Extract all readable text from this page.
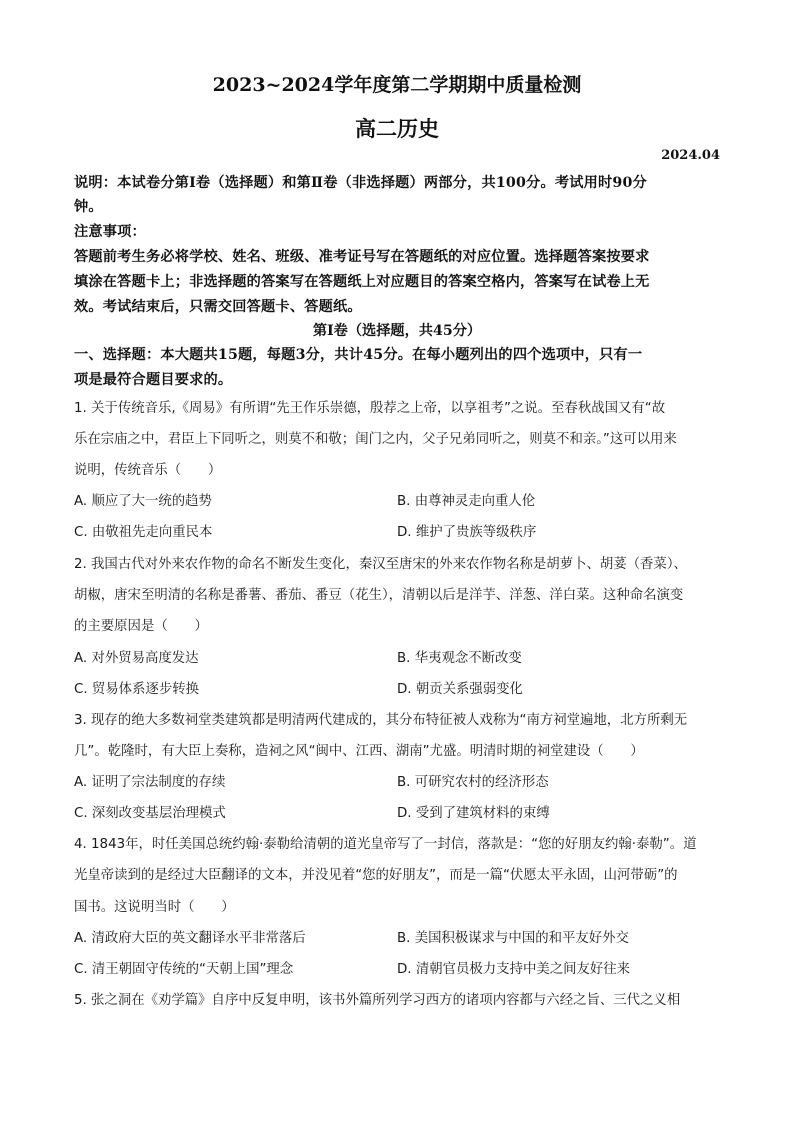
2023~2024学年度第二学期期中质量检测
高二历史
2024.04
说明：本试卷分第Ⅰ卷（选择题）和第Ⅱ卷（非选择题）两部分，共100分。考试用时90分
钟。
注意事项：
答题前考生务必将学校、姓名、班级、准考证号写在答题纸的对应位置。选择题答案按要求
填涂在答题卡上；非选择题的答案写在答题纸上对应题目的答案空格内，答案写在试卷上无
效。考试结束后，只需交回答题卡、答题纸。
第Ⅰ卷（选择题，共45分）
一、选择题：本大题共15题，每题3分，共计45分。在每小题列出的四个选项中，只有一
项是最符合题目要求的。
1. 关于传统音乐,《周易》有所谓“先王作乐崇德，殷荐之上帝，以享祖考”之说。至春秋战国又有“故
乐在宗庙之中，君臣上下同听之，则莫不和敬；闺门之内，父子兄弟同听之，则莫不和亲。”这可以用来
说明，传统音乐（　　）
A. 顺应了大一统的趋势	B. 由尊神灵走向重人伦
C. 由敬祖先走向重民本	D. 维护了贵族等级秩序
2. 我国古代对外来农作物的命名不断发生变化，秦汉至唐宋的外来农作物名称是胡萝卜、胡荽（香菜）、
胡椒，唐宋至明清的名称是番薯、番茄、番豆（花生），清朝以后是洋芋、洋葱、洋白菜。这种命名演变
的主要原因是（　　）
A. 对外贸易高度发达	B. 华夷观念不断改变
C. 贸易体系逐步转换	D. 朝贡关系强弱变化
3. 现存的绝大多数祠堂类建筑都是明清两代建成的，其分布特征被人戏称为“南方祠堂遍地，北方所剩无
几”。乾隆时，有大臣上奏称，造祠之风“闽中、江西、湖南”尤盛。明清时期的祠堂建设（　　）
A. 证明了宗法制度的存续	B. 可研究农村的经济形态
C. 深刻改变基层治理模式	D. 受到了建筑材料的束缚
4. 1843年，时任美国总统约翰·泰勒给清朝的道光皇帝写了一封信，落款是：“您的好朋友约翰·泰勒”。道
光皇帝读到的是经过大臣翻译的文本，并没见着“您的好朋友”，而是一篇“伏愿太平永固，山河带砺”的
国书。这说明当时（　　）
A. 清政府大臣的英文翻译水平非常落后	B. 美国积极谋求与中国的和平友好外交
C. 清王朝固守传统的“天朝上国”理念	D. 清朝官员极力支持中美之间友好往来
5. 张之洞在《劝学篇》自序中反复申明，该书外篇所列学习西方的诸项内容都与六经之旨、三代之义相
